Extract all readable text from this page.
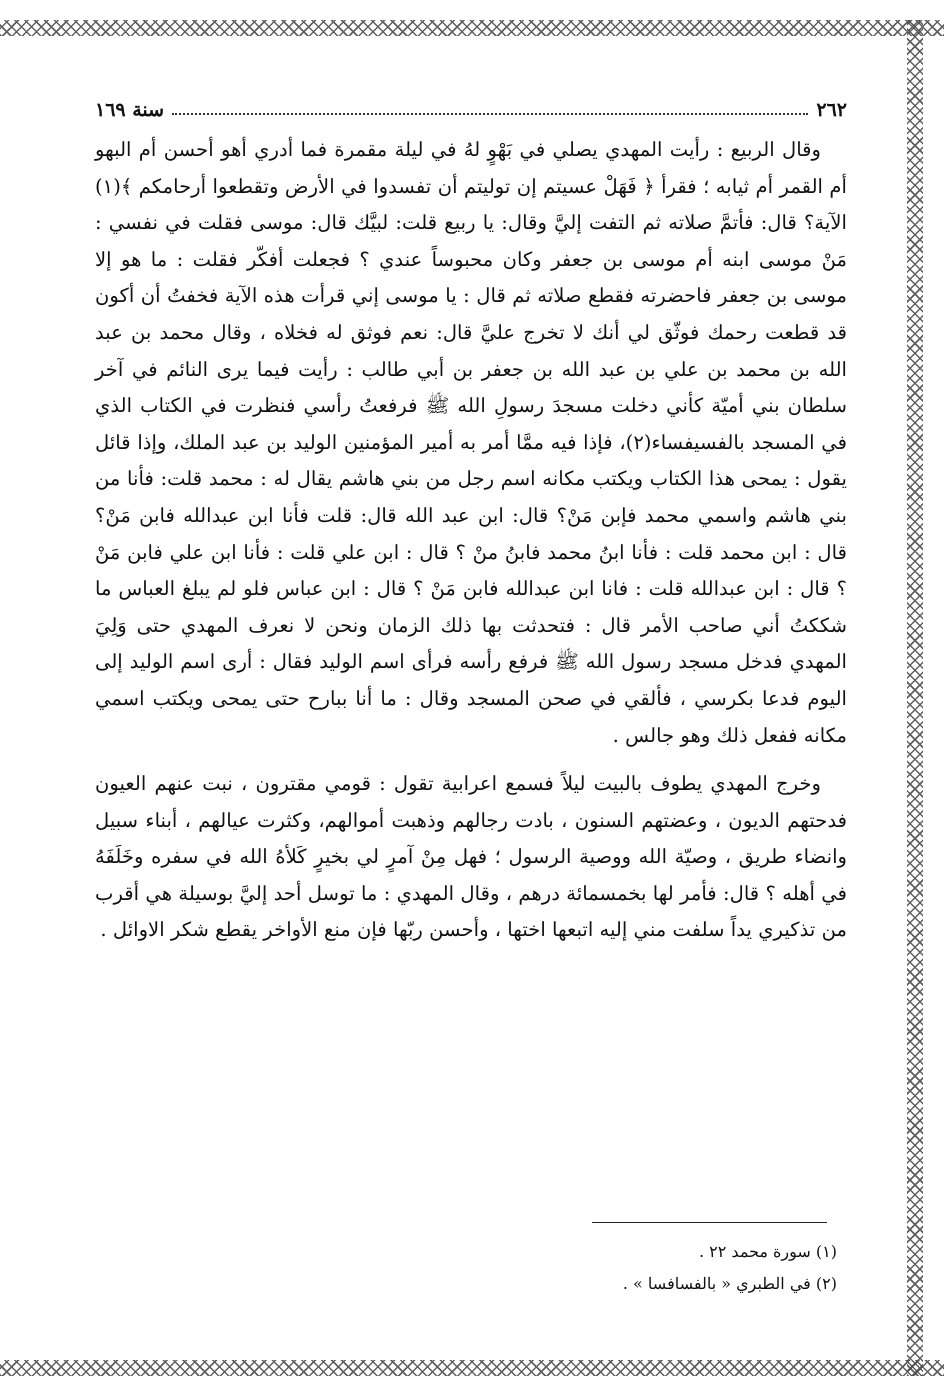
٢٦٢
سنة ١٦٩

وقال الربيع : رأيت المهدي يصلي في بَهْوٍ لهُ في ليلة مقمرة فما أدري أهو أحسن أم البهو أم القمر أم ثيابه ؛ فقرأ ﴿ فَهَلْ عسيتم إن توليتم أن تفسدوا في الأرض وتقطعوا أرحامكم ﴾(١) الآية؟ قال: فأتمَّ صلاته ثم التفت إليَّ وقال: يا ربيع قلت: لبيَّك قال: موسى فقلت في نفسي : مَنْ موسى ابنه أم موسى بن جعفر وكان محبوساً عندي ؟ فجعلت أفكّر فقلت : ما هو إلا موسى بن جعفر فاحضرته فقطع صلاته ثم قال : يا موسى إني قرأت هذه الآية فخفتُ أن أكون قد قطعت رحمك فوثّق لي أنك لا تخرج عليَّ قال: نعم فوثق له فخلاه ، وقال محمد بن عبد الله بن محمد بن علي بن عبد الله بن جعفر بن أبي طالب : رأيت فيما يرى النائم في آخر سلطان بني أميّة كأني دخلت مسجدَ رسولِ الله ﷺ فرفعتُ رأسي فنظرت في الكتاب الذي في المسجد بالفسيفساء(٢)، فإذا فيه ممَّا أمر به أمير المؤمنين الوليد بن عبد الملك، وإذا قائل يقول : يمحى هذا الكتاب ويكتب مكانه اسم رجل من بني هاشم يقال له : محمد قلت: فأنا من بني هاشم واسمي محمد فإبن مَنْ؟ قال: ابن عبد الله قال: قلت فأنا ابن عبدالله فابن مَنْ؟ قال : ابن محمد قلت : فأنا ابنُ محمد فابنُ منْ ؟ قال : ابن علي قلت : فأنا ابن علي فابن مَنْ ؟ قال : ابن عبدالله قلت : فانا ابن عبدالله فابن مَنْ ؟ قال : ابن عباس فلو لم يبلغ العباس ما شككتُ أني صاحب الأمر قال : فتحدثت بها ذلك الزمان ونحن لا نعرف المهدي حتى وَلِيَ المهدي فدخل مسجد رسول الله ﷺ فرفع رأسه فرأى اسم الوليد فقال : أرى اسم الوليد إلى اليوم فدعا بكرسي ، فألقي في صحن المسجد وقال : ما أنا ببارح حتى يمحى ويكتب اسمي مكانه ففعل ذلك وهو جالس .

وخرج المهدي يطوف بالبيت ليلاً فسمع اعرابية تقول : قومي مقترون ، نبت عنهم العيون فدحتهم الديون ، وعضتهم السنون ، بادت رجالهم وذهبت أموالهم، وكثرت عيالهم ، أبناء سبيل وانضاء طريق ، وصيّة الله ووصية الرسول ؛ فهل مِنْ آمرٍ لي بخيرٍ كَلأهُ الله في سفره وخَلَفَهُ في أهله ؟ قال: فأمر لها بخمسمائة درهم ، وقال المهدي : ما توسل أحد إليَّ بوسيلة هي أقرب من تذكيري يداً سلفت مني إليه اتبعها اختها ، وأحسن ربّها فإن منع الأواخر يقطع شكر الاوائل .

(١) سورة محمد ٢٢ .

(٢) في الطبري « بالفسافسا » .
